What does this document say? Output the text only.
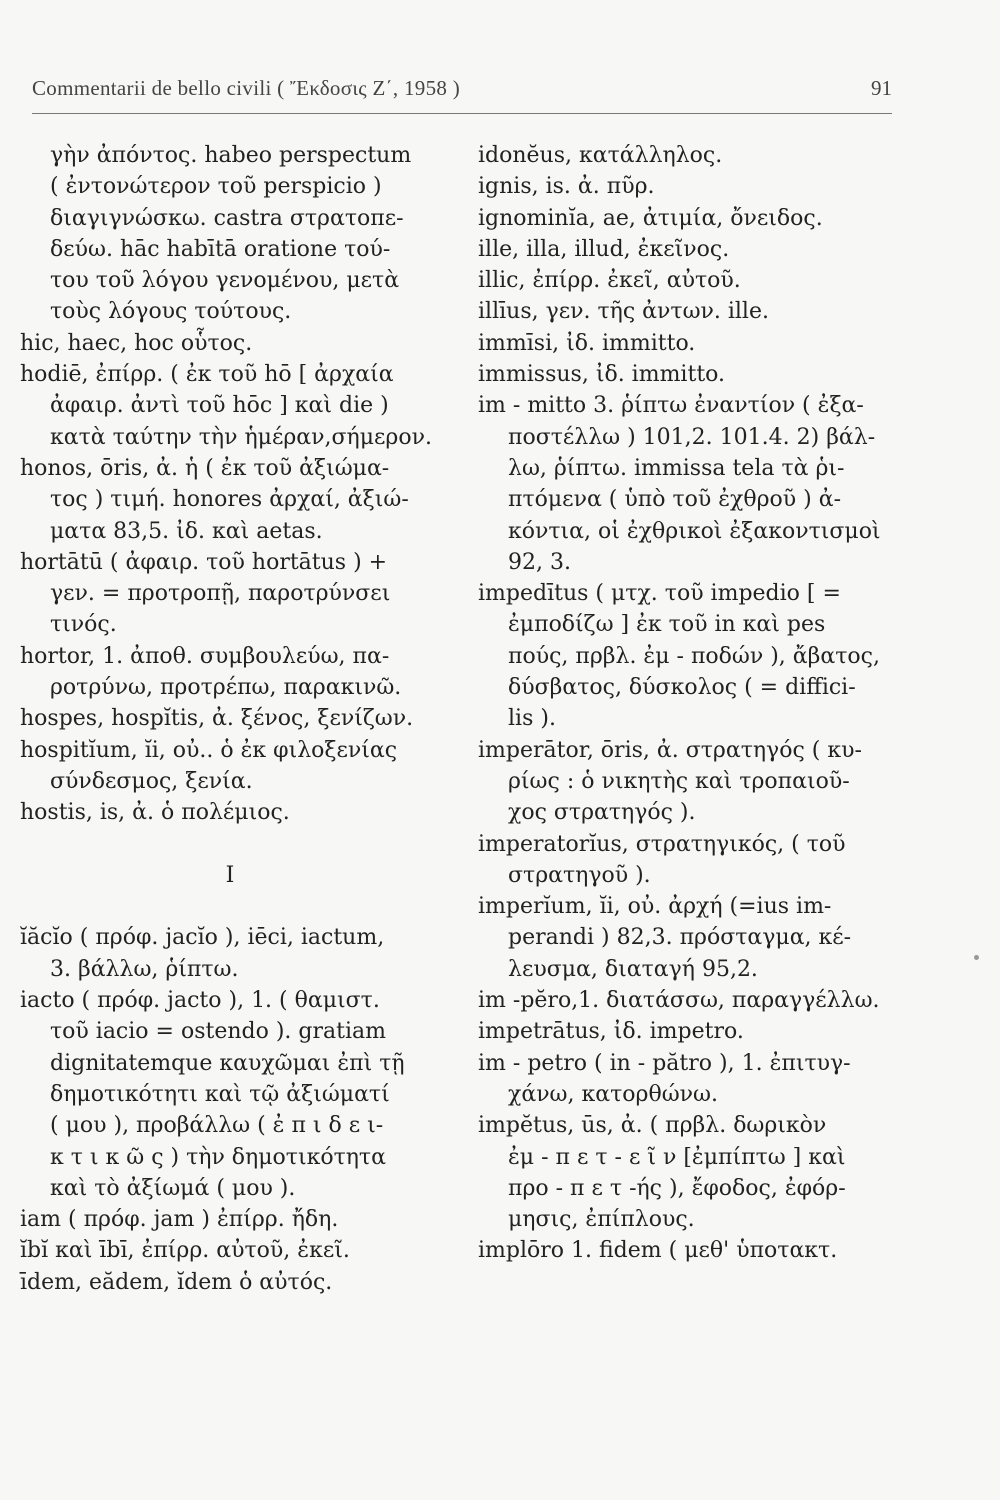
Commentarii de bello civili ( Ἔκδοσις Ζ΄, 1958 )	91
γὴν ἀπόντος. habeo perspectum
( ἐντονώτερον τοῦ perspicio )
διαγιγνώσκω. castra στρατοπε-
δεύω. hāc habītā oratione τού-
του τοῦ λόγου γενομένου, μετὰ
τοὺς λόγους τούτους.
hic, haec, hoc οὗτος.
hodiē, ἐπίρρ. ( ἐκ τοῦ hō [ ἀρχαία
ἀφαιρ. ἀντὶ τοῦ hōc ] καὶ die )
κατὰ ταύτην τὴν ἡμέραν,σήμερον.
honos, ōris, ἀ. ἡ ( ἐκ τοῦ ἀξιώμα-
τος ) τιμή. honores ἀρχαί, ἀξιώ-
ματα 83,5. ἰδ. καὶ aetas.
hortātū ( ἀφαιρ. τοῦ hortātus ) +
γεν. = προτροπῇ, παροτρύνσει
τινός.
hortor, 1. ἀποθ. συμβουλεύω, πα-
ροτρύνω, προτρέπω, παρακινῶ.
hospes, hospĭtis, ἀ. ξένος, ξενίζων.
hospitĭum, ĭi, οὐ.. ὁ ἐκ φιλοξενίας
σύνδεσμος, ξενία.
hostis, is, ἀ. ὁ πολέμιος.
I
ĭăcĭo ( πρόφ. jacĭo ), iēci, iactum,
3. βάλλω, ῥίπτω.
iacto ( πρόφ. jacto ), 1. ( θαμιστ.
τοῦ iacio = ostendo ). gratiam
dignitatemque καυχῶμαι ἐπὶ τῇ
δημοτικότητι καὶ τῷ ἀξιώματί
( μου ), προβάλλω ( ἐ π ι δ ε ι-
κ τ ι κ ῶ ς ) τὴν δημοτικότητα
καὶ τὸ ἀξίωμά ( μου ).
iam ( πρόφ. jam ) ἐπίρρ. ἤδη.
ĭbĭ καὶ ībī, ἐπίρρ. αὐτοῦ, ἐκεῖ.
īdem, eădem, ĭdem ὁ αὐτός.
idonĕus, κατάλληλος.
ignis, is. ἀ. πῦρ.
ignominĭa, ae, ἀτιμία, ὄνειδος.
ille, illa, illud, ἐκεῖνος.
illic, ἐπίρρ. ἐκεῖ, αὐτοῦ.
illīus, γεν. τῆς ἀντων. ille.
immīsi, ἰδ. immitto.
immissus, ἰδ. immitto.
im - mitto 3. ῥίπτω ἐναντίον ( ἐξα-
ποστέλλω ) 101,2. 101.4. 2) βάλ-
λω, ῥίπτω. immissa tela τὰ ῥι-
πτόμενα ( ὑπὸ τοῦ ἐχθροῦ ) ἀ-
κόντια, οἱ ἐχθρικοὶ ἐξακοντισμοὶ
92, 3.
impedītus ( μτχ. τοῦ impedio [ =
ἐμποδίζω ] ἐκ τοῦ in καὶ pes
πούς, πρβλ. ἐμ - ποδών ), ἄβατος,
δύσβατος, δύσκολος ( = diffici-
lis ).
imperātor, ōris, ἀ. στρατηγός ( κυ-
ρίως : ὁ νικητὴς καὶ τροπαιοῦ-
χος στρατηγός ).
imperatorĭus, στρατηγικός, ( τοῦ
στρατηγοῦ ).
imperĭum, ĭi, οὐ. ἀρχή (=ius im-
perandi ) 82,3. πρόσταγμα, κέ-
λευσμα, διαταγή 95,2.
im -pĕro,1. διατάσσω, παραγγέλλω.
impetrātus, ἰδ. impetro.
im - petro ( in - pătro ), 1. ἐπιτυγ-
χάνω, κατορθώνω.
impĕtus, ūs, ἀ. ( πρβλ. δωρικὸν
ἐμ - π ε τ - ε ῖ ν [ἐμπίπτω ] καὶ
προ - π ε τ -ής ), ἔφοδος, ἐφόρ-
μησις, ἐπίπλους.
implōro 1. fidem ( μεθ' ὑποτακτ.
